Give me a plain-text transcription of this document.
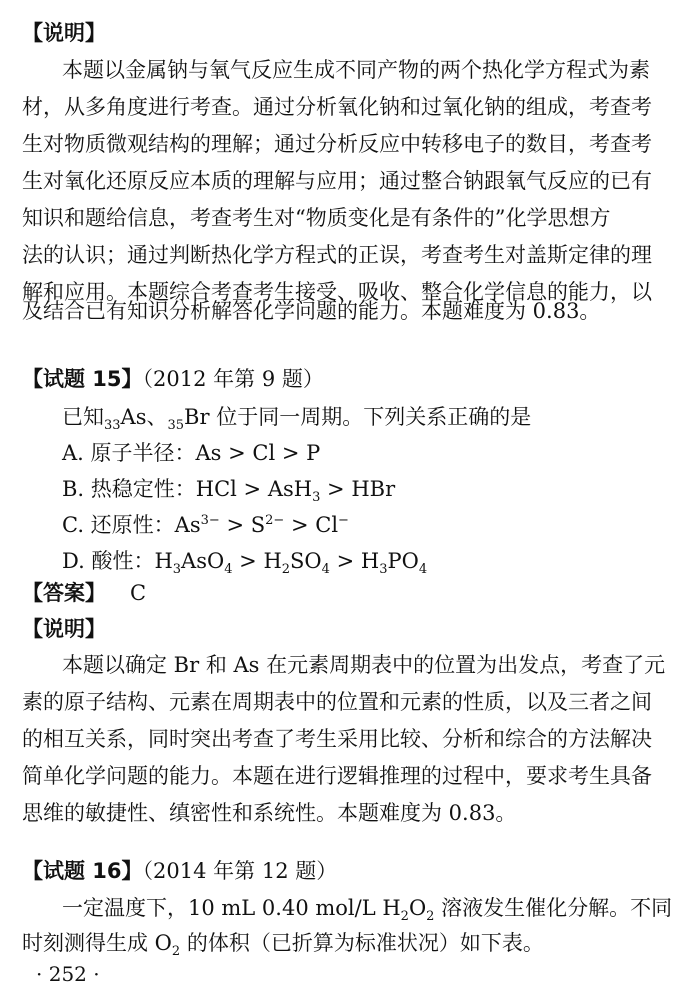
【说明】
本题以金属钠与氧气反应生成不同产物的两个热化学方程式为素
材，从多角度进行考查。通过分析氧化钠和过氧化钠的组成，考查考
生对物质微观结构的理解；通过分析反应中转移电子的数目，考查考
生对氧化还原反应本质的理解与应用；通过整合钠跟氧气反应的已有
知识和题给信息，考查考生对“物质变化是有条件的”化学思想方
法的认识；通过判断热化学方程式的正误，考查考生对盖斯定律的理
解和应用。本题综合考查考生接受、吸收、整合化学信息的能力，以
及结合已有知识分析解答化学问题的能力。本题难度为 0.83。
【试题 15】（2012 年第 9 题）
已知$_{33}$As、$_{35}$Br 位于同一周期。下列关系正确的是
A. 原子半径：As > Cl > P
B. 热稳定性：HCl > AsH$_3$ > HBr
C. 还原性：$As^{3-} > S^{2-} > Cl^-$
D. 酸性：$H_3AsO_4 > H_2SO_4 > H_3PO_4$
【答案】 C
【说明】
本题以确定 Br 和 As 在元素周期表中的位置为出发点，考查了元
素的原子结构、元素在周期表中的位置和元素的性质，以及三者之间
的相互关系，同时突出考查了考生采用比较、分析和综合的方法解决
简单化学问题的能力。本题在进行逻辑推理的过程中，要求考生具备
思维的敏捷性、缜密性和系统性。本题难度为 0.83。
【试题 16】（2014 年第 12 题）
一定温度下，10 mL 0.40 mol/L $H_2O_2$ 溶液发生催化分解。不同
时刻测得生成 $O_2$ 的体积（已折算为标准状况）如下表。
· 252 ·
